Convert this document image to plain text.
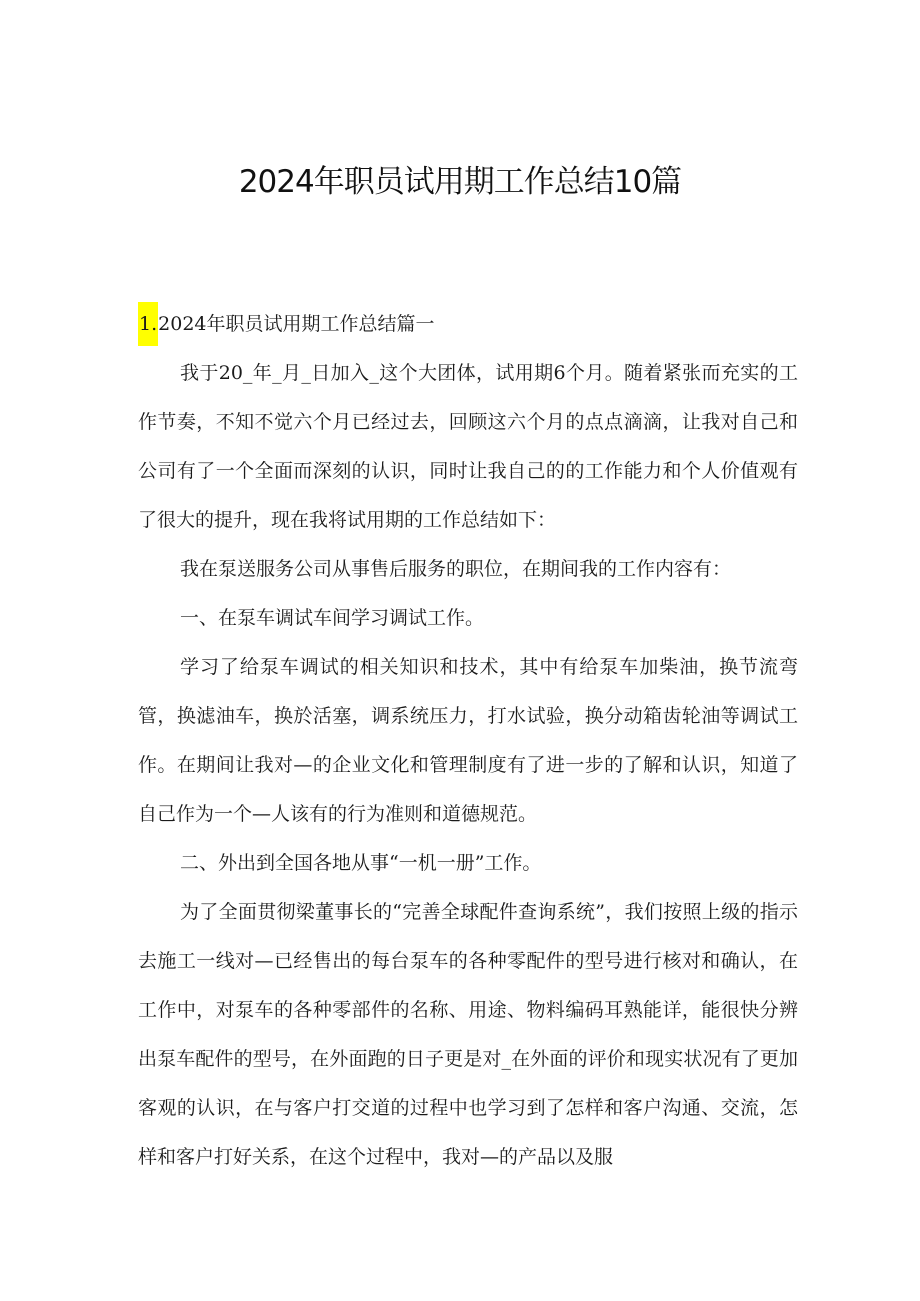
2024年职员试用期工作总结10篇

1.2024年职员试用期工作总结篇一

我于20_年_月_日加入_这个大团体，试用期6个月。随着紧张而充实的工作节奏，不知不觉六个月已经过去，回顾这六个月的点点滴滴，让我对自己和公司有了一个全面而深刻的认识，同时让我自己的的工作能力和个人价值观有了很大的提升，现在我将试用期的工作总结如下：

我在泵送服务公司从事售后服务的职位，在期间我的工作内容有：

一、在泵车调试车间学习调试工作。

学习了给泵车调试的相关知识和技术，其中有给泵车加柴油，换节流弯管，换滤油车，换於活塞，调系统压力，打水试验，换分动箱齿轮油等调试工作。在期间让我对—的企业文化和管理制度有了进一步的了解和认识，知道了自己作为一个—人该有的行为准则和道德规范。

二、外出到全国各地从事“一机一册”工作。

为了全面贯彻梁董事长的“完善全球配件查询系统”，我们按照上级的指示去施工一线对—已经售出的每台泵车的各种零配件的型号进行核对和确认，在工作中，对泵车的各种零部件的名称、用途、物料编码耳熟能详，能很快分辨出泵车配件的型号，在外面跑的日子更是对_在外面的评价和现实状况有了更加客观的认识，在与客户打交道的过程中也学习到了怎样和客户沟通、交流，怎样和客户打好关系，在这个过程中，我对—的产品以及服
